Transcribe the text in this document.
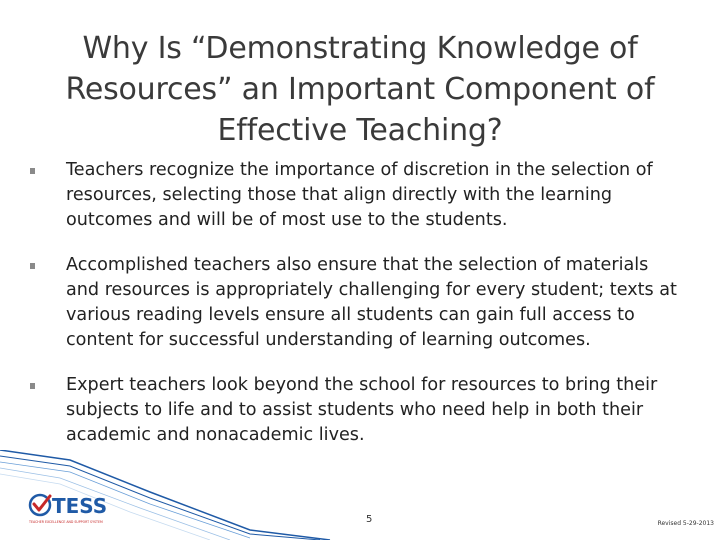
Why Is “Demonstrating Knowledge of
Resources” an Important Component of
Effective Teaching?
Teachers recognize the importance of discretion in the selection of resources, selecting those that align directly with the learning outcomes and will be of most use to the students.
Accomplished teachers also ensure that the selection of materials and resources is appropriately challenging for every student; texts at various reading levels ensure all students can gain full access to content for successful understanding of learning outcomes.
Expert teachers look beyond the school for resources to bring their subjects to life and to assist students who need help in both their academic and nonacademic lives.
TESS
TEACHER EXCELLENCE AND SUPPORT SYSTEM	5	Revised 5-29-2013
